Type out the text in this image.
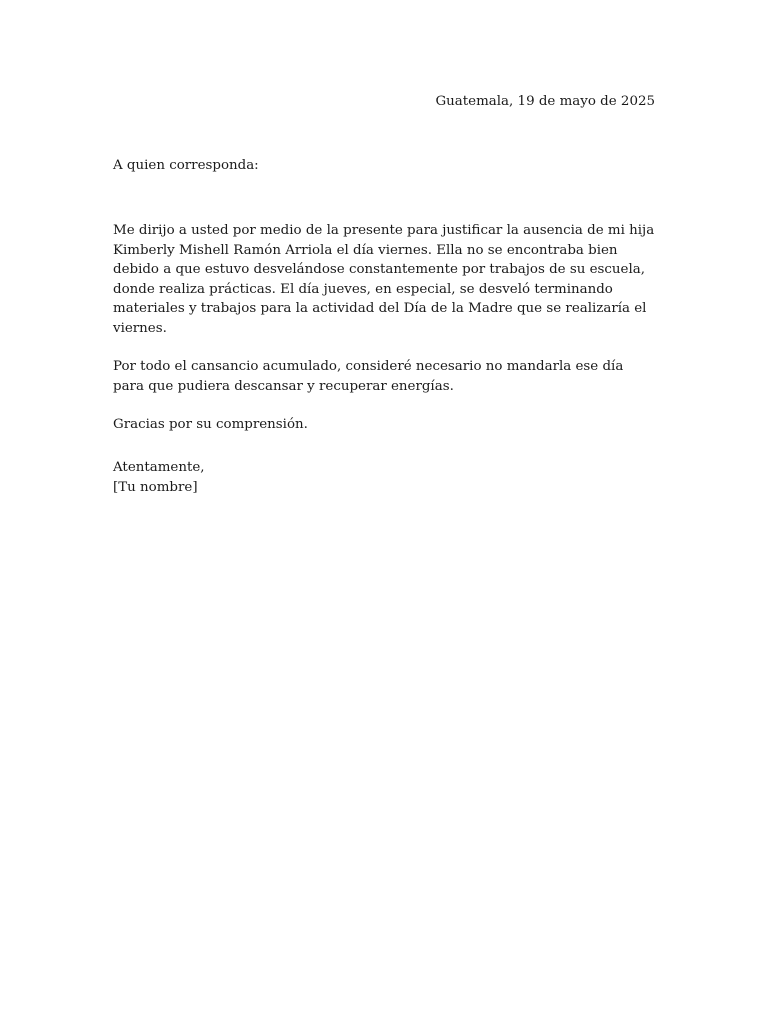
Guatemala, 19 de mayo de 2025
A quien corresponda:

Me dirijo a usted por medio de la presente para justificar la ausencia de mi hija Kimberly Mishell Ramón Arriola el día viernes. Ella no se encontraba bien debido a que estuvo desvelándose constantemente por trabajos de su escuela, donde realiza prácticas. El día jueves, en especial, se desveló terminando materiales y trabajos para la actividad del Día de la Madre que se realizaría el viernes.

Por todo el cansancio acumulado, consideré necesario no mandarla ese día para que pudiera descansar y recuperar energías.

Gracias por su comprensión.

Atentamente,
[Tu nombre]
